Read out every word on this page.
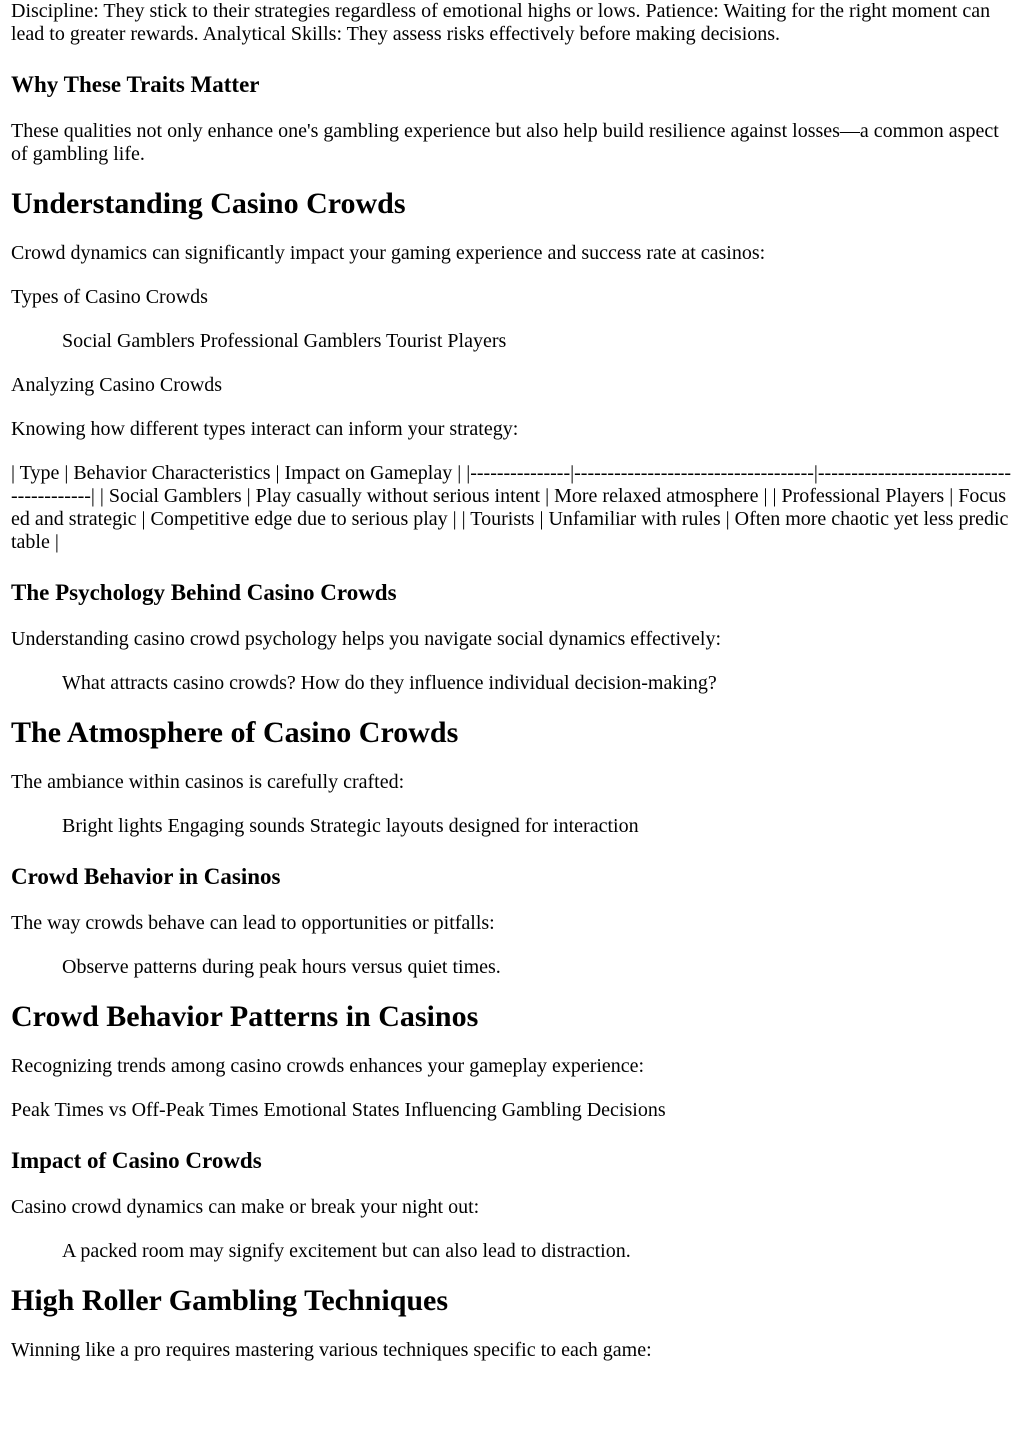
Discipline: They stick to their strategies regardless of emotional highs or lows. Patience: Waiting for the right moment can lead to greater rewards. Analytical Skills: They assess risks effectively before making decisions.

Why These Traits Matter

These qualities not only enhance one's gambling experience but also help build resilience against losses—a common aspect of gambling life.

Understanding Casino Crowds

Crowd dynamics can significantly impact your gaming experience and success rate at casinos:

Types of Casino Crowds

Social Gamblers Professional Gamblers Tourist Players

Analyzing Casino Crowds

Knowing how different types interact can inform your strategy:

| Type | Behavior Characteristics | Impact on Gameplay | |---------------|------------------------------------|-----------------------------------------| | Social Gamblers | Play casually without serious intent | More relaxed atmosphere | | Professional Players | Focused and strategic | Competitive edge due to serious play | | Tourists | Unfamiliar with rules | Often more chaotic yet less predictable |

The Psychology Behind Casino Crowds

Understanding casino crowd psychology helps you navigate social dynamics effectively:

What attracts casino crowds? How do they influence individual decision-making?
The Atmosphere of Casino Crowds

The ambiance within casinos is carefully crafted:

Bright lights Engaging sounds Strategic layouts designed for interaction
Crowd Behavior in Casinos

The way crowds behave can lead to opportunities or pitfalls:

Observe patterns during peak hours versus quiet times.
Crowd Behavior Patterns in Casinos

Recognizing trends among casino crowds enhances your gameplay experience:

Peak Times vs Off-Peak Times Emotional States Influencing Gambling Decisions

Impact of Casino Crowds

Casino crowd dynamics can make or break your night out:

A packed room may signify excitement but can also lead to distraction.
High Roller Gambling Techniques

Winning like a pro requires mastering various techniques specific to each game:
